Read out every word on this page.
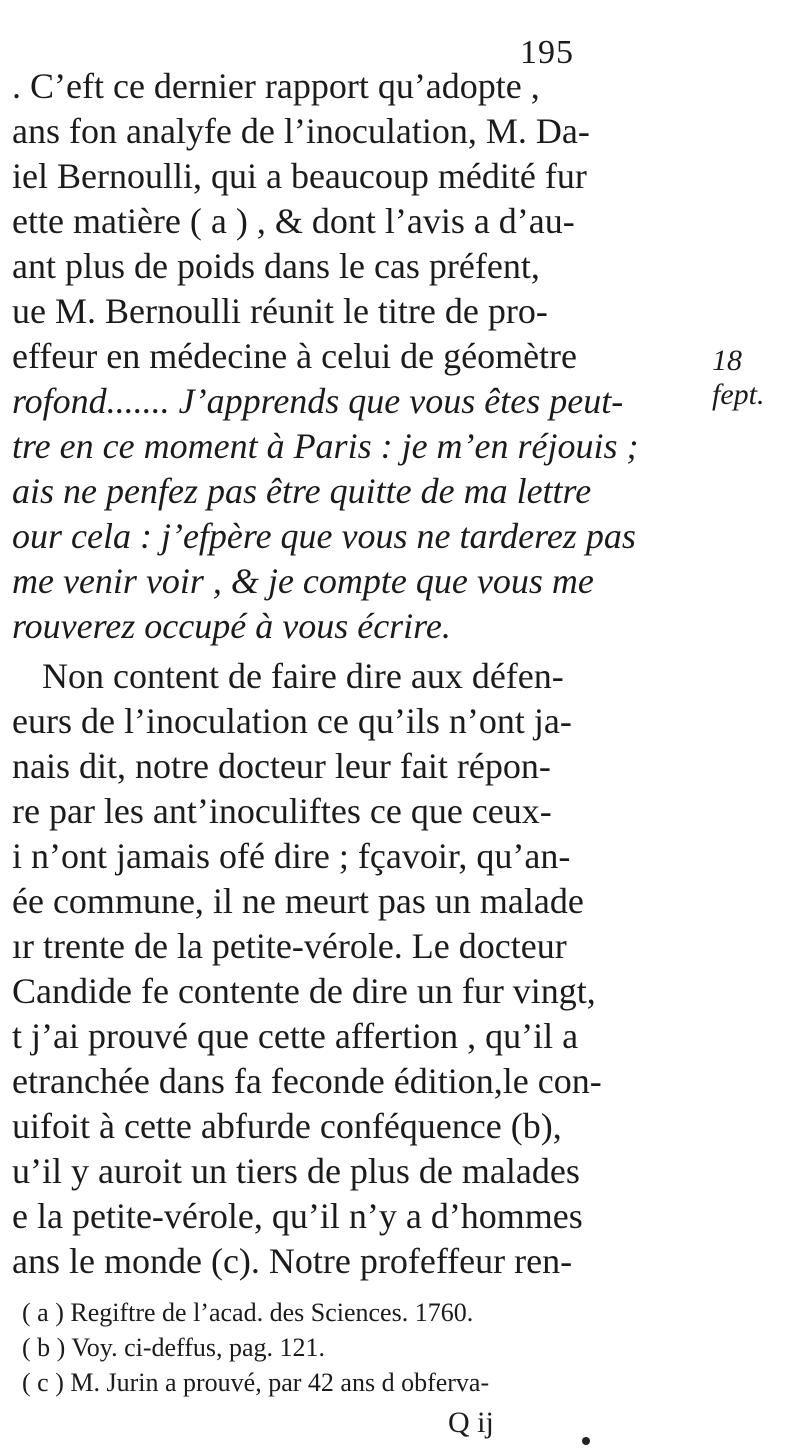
195
. C’eft ce dernier rapport qu’adopte ,
ans fon analyfe de l’inoculation, M. Da-
iel Bernoulli, qui a beaucoup médité fur
ette matière ( a ) , & dont l’avis a d’au-
ant plus de poids dans le cas préfent,
ue M. Bernoulli réunit le titre de pro-
effeur en médecine à celui de géomètre
rofond....... J’apprends que vous êtes peut-
tre en ce moment à Paris : je m’en réjouis ;
ais ne penfez pas être quitte de ma lettre
our cela : j’efpère que vous ne tarderez pas
me venir voir , & je compte que vous me
rouverez occupé à vous écrire.
Non content de faire dire aux défen-
eurs de l’inoculation ce qu’ils n’ont ja-
nais dit, notre docteur leur fait répon-
re par les ant’inoculiftes ce que ceux-
i n’ont jamais ofé dire ; fçavoir, qu’an-
ée commune, il ne meurt pas un malade
ır trente de la petite-vérole. Le docteur
Candide fe contente de dire un fur vingt,
t j’ai prouvé que cette affertion , qu’il a
etranchée dans fa feconde édition,le con-
uifoit à cette abfurde conféquence (b),
u’il y auroit un tiers de plus de malades
e la petite-vérole, qu’il n’y a d’hommes
ans le monde (c). Notre profeffeur ren-
18 fept.
( a ) Regiftre de l’acad. des Sciences. 1760.
( b ) Voy. ci-deffus, pag. 121.
( c ) M. Jurin a prouvé, par 42 ans d obferva-
Q ij
